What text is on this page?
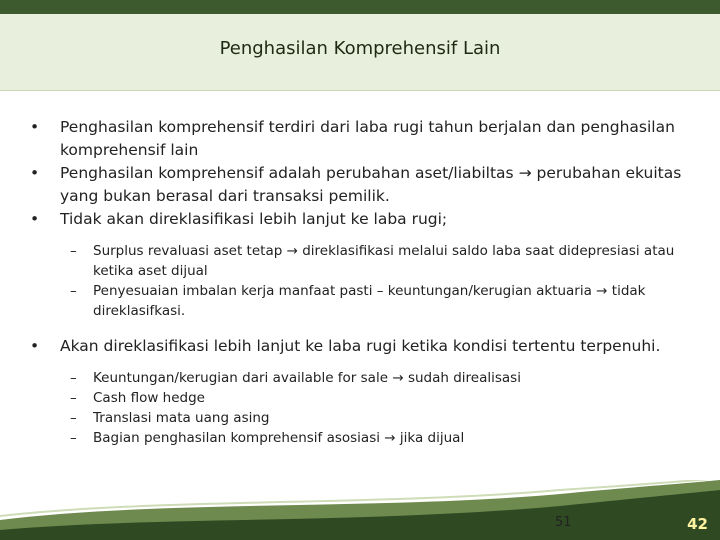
Penghasilan Komprehensif Lain
• Penghasilan komprehensif terdiri dari laba rugi tahun berjalan dan penghasilan komprehensif lain
• Penghasilan komprehensif adalah perubahan aset/liabiltas → perubahan ekuitas yang bukan berasal dari transaksi pemilik.
• Tidak akan direklasifikasi lebih lanjut ke laba rugi;
– Surplus revaluasi aset tetap → direklasifikasi melalui saldo laba saat didepresiasi atau ketika aset dijual
– Penyesuaian imbalan kerja manfaat pasti – keuntungan/kerugian aktuaria → tidak direklasifkasi.
• Akan direklasifikasi lebih lanjut ke laba rugi ketika kondisi tertentu terpenuhi.
– Keuntungan/kerugian dari available for sale → sudah direalisasi
– Cash flow hedge
– Translasi mata uang asing
– Bagian penghasilan komprehensif asosiasi → jika dijual
51	42
